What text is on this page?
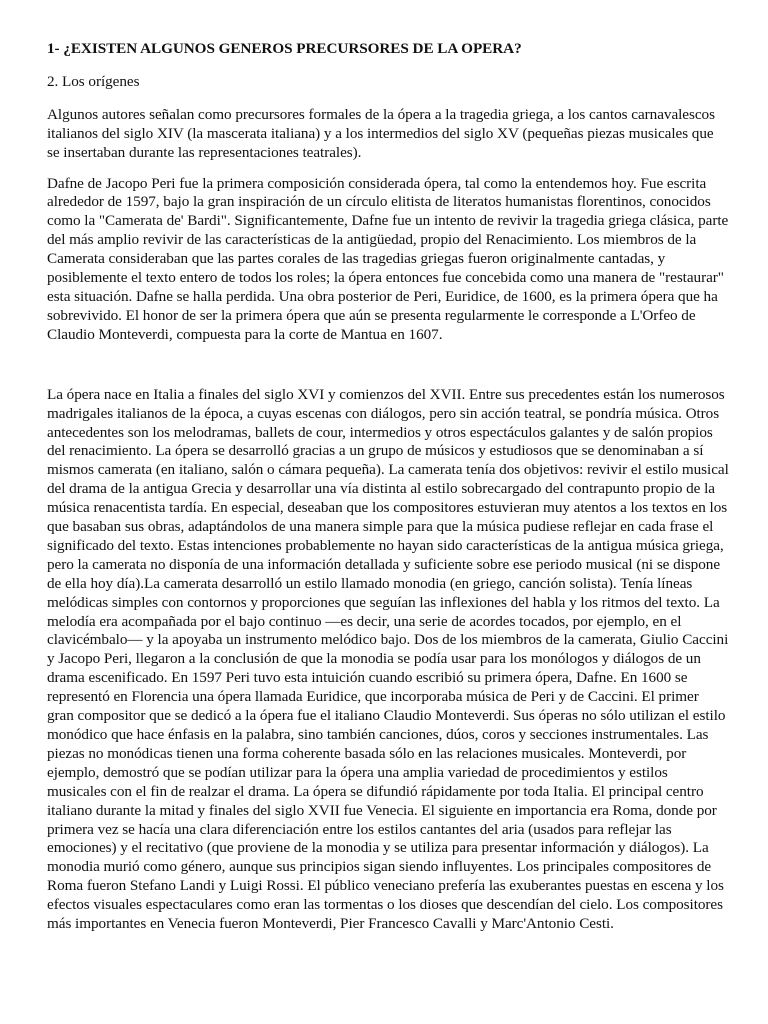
1- ¿EXISTEN ALGUNOS GENEROS PRECURSORES DE LA OPERA?
2. Los orígenes

Algunos autores señalan como precursores formales de la ópera a la tragedia griega, a los cantos carnavalescos italianos del siglo XIV (la mascerata italiana) y a los intermedios del siglo XV (pequeñas piezas musicales que se insertaban durante las representaciones teatrales).

Dafne de Jacopo Peri fue la primera composición considerada ópera, tal como la entendemos hoy. Fue escrita alrededor de 1597, bajo la gran inspiración de un círculo elitista de literatos humanistas florentinos, conocidos como la "Camerata de' Bardi". Significantemente, Dafne fue un intento de revivir la tragedia griega clásica, parte del más amplio revivir de las características de la antigüedad, propio del Renacimiento. Los miembros de la Camerata consideraban que las partes corales de las tragedias griegas fueron originalmente cantadas, y posiblemente el texto entero de todos los roles; la ópera entonces fue concebida como una manera de "restaurar" esta situación. Dafne se halla perdida. Una obra posterior de Peri, Euridice, de 1600, es la primera ópera que ha sobrevivido. El honor de ser la primera ópera que aún se presenta regularmente le corresponde a L'Orfeo de Claudio Monteverdi, compuesta para la corte de Mantua en 1607.

La ópera nace en Italia a finales del siglo XVI y comienzos del XVII. Entre sus precedentes están los numerosos madrigales italianos de la época, a cuyas escenas con diálogos, pero sin acción teatral, se pondría música. Otros antecedentes son los melodramas, ballets de cour, intermedios y otros espectáculos galantes y de salón propios del renacimiento. La ópera se desarrolló gracias a un grupo de músicos y estudiosos que se denominaban a sí mismos camerata (en italiano, salón o cámara pequeña). La camerata tenía dos objetivos: revivir el estilo musical del drama de la antigua Grecia y desarrollar una vía distinta al estilo sobrecargado del contrapunto propio de la música renacentista tardía. En especial, deseaban que los compositores estuvieran muy atentos a los textos en los que basaban sus obras, adaptándolos de una manera simple para que la música pudiese reflejar en cada frase el significado del texto. Estas intenciones probablemente no hayan sido características de la antigua música griega, pero la camerata no disponía de una información detallada y suficiente sobre ese periodo musical (ni se dispone de ella hoy día).La camerata desarrolló un estilo llamado monodia (en griego, canción solista). Tenía líneas melódicas simples con contornos y proporciones que seguían las inflexiones del habla y los ritmos del texto. La melodía era acompañada por el bajo continuo —es decir, una serie de acordes tocados, por ejemplo, en el clavicémbalo— y la apoyaba un instrumento melódico bajo. Dos de los miembros de la camerata, Giulio Caccini y Jacopo Peri, llegaron a la conclusión de que la monodia se podía usar para los monólogos y diálogos de un drama escenificado. En 1597 Peri tuvo esta intuición cuando escribió su primera ópera, Dafne. En 1600 se representó en Florencia una ópera llamada Euridice, que incorporaba música de Peri y de Caccini. El primer gran compositor que se dedicó a la ópera fue el italiano Claudio Monteverdi. Sus óperas no sólo utilizan el estilo monódico que hace énfasis en la palabra, sino también canciones, dúos, coros y secciones instrumentales. Las piezas no monódicas tienen una forma coherente basada sólo en las relaciones musicales. Monteverdi, por ejemplo, demostró que se podían utilizar para la ópera una amplia variedad de procedimientos y estilos musicales con el fin de realzar el drama. La ópera se difundió rápidamente por toda Italia. El principal centro italiano durante la mitad y finales del siglo XVII fue Venecia. El siguiente en importancia era Roma, donde por primera vez se hacía una clara diferenciación entre los estilos cantantes del aria (usados para reflejar las emociones) y el recitativo (que proviene de la monodia y se utiliza para presentar información y diálogos). La monodia murió como género, aunque sus principios sigan siendo influyentes. Los principales compositores de Roma fueron Stefano Landi y Luigi Rossi. El público veneciano prefería las exuberantes puestas en escena y los efectos visuales espectaculares como eran las tormentas o los dioses que descendían del cielo. Los compositores más importantes en Venecia fueron Monteverdi, Pier Francesco Cavalli y Marc'Antonio Cesti.
